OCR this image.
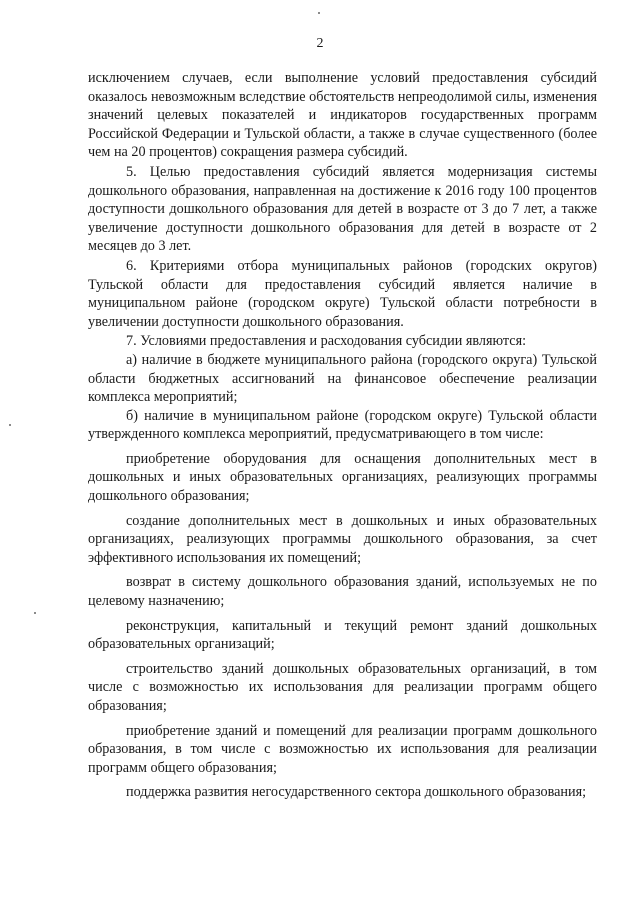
2

исключением случаев, если выполнение условий предоставления субсидий оказалось невозможным вследствие обстоятельств непреодолимой силы, изменения значений целевых показателей и индикаторов государственных программ Российской Федерации и Тульской области, а также в случае существенного (более чем на 20 процентов) сокращения размера субсидий.

5. Целью предоставления субсидий является модернизация системы дошкольного образования, направленная на достижение к 2016 году 100 процентов доступности дошкольного образования для детей в возрасте от 3 до 7 лет, а также увеличение доступности дошкольного образования для детей в возрасте от 2 месяцев до 3 лет.

6. Критериями отбора муниципальных районов (городских округов) Тульской области для предоставления субсидий является наличие в муниципальном районе (городском округе) Тульской области потребности в увеличении доступности дошкольного образования.

7. Условиями предоставления и расходования субсидии являются:

а) наличие в бюджете муниципального района (городского округа) Тульской области бюджетных ассигнований на финансовое обеспечение реализации комплекса мероприятий;

б) наличие в муниципальном районе (городском округе) Тульской области утвержденного комплекса мероприятий, предусматривающего в том числе:

приобретение оборудования для оснащения дополнительных мест в дошкольных и иных образовательных организациях, реализующих программы дошкольного образования;

создание дополнительных мест в дошкольных и иных образовательных организациях, реализующих программы дошкольного образования, за счет эффективного использования их помещений;

возврат в систему дошкольного образования зданий, используемых не по целевому назначению;

реконструкция, капитальный и текущий ремонт зданий дошкольных образовательных организаций;

строительство зданий дошкольных образовательных организаций, в том числе с возможностью их использования для реализации программ общего образования;

приобретение зданий и помещений для реализации программ дошкольного образования, в том числе с возможностью их использования для реализации программ общего образования;

поддержка развития негосударственного сектора дошкольного образования;
